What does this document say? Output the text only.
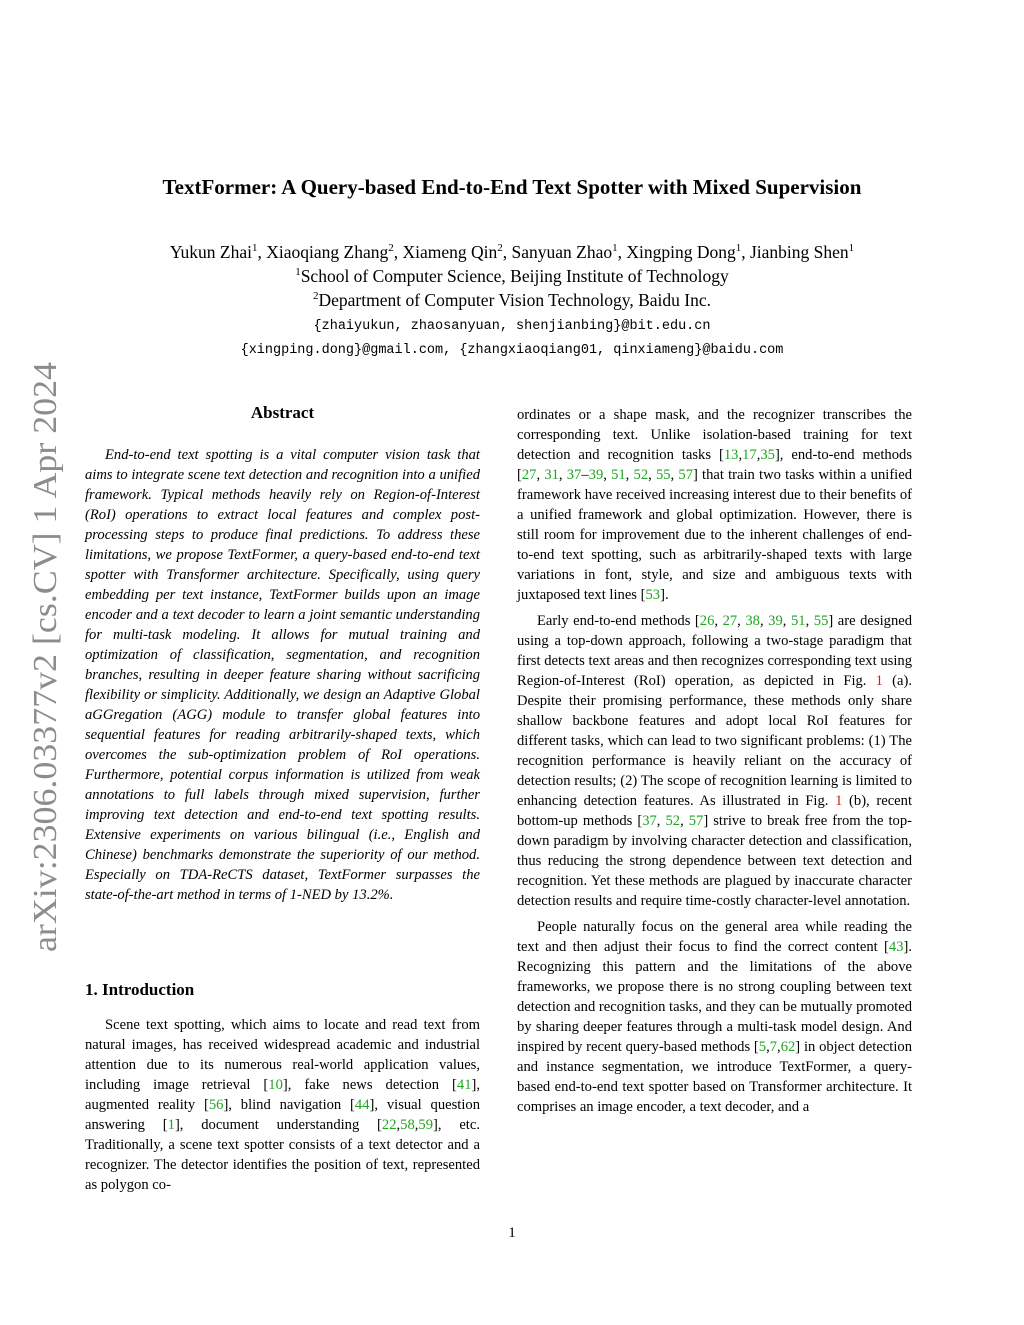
arXiv:2306.03377v2 [cs.CV] 1 Apr 2024
TextFormer: A Query-based End-to-End Text Spotter with Mixed Supervision
Yukun Zhai$^1$, Xiaoqiang Zhang$^2$, Xiameng Qin$^2$, Sanyuan Zhao$^1$, Xingping Dong$^1$, Jianbing Shen$^1$
$^1$School of Computer Science, Beijing Institute of Technology
$^2$Department of Computer Vision Technology, Baidu Inc.
{zhaiyukun, zhaosanyuan, shenjianbing}@bit.edu.cn
{xingping.dong}@gmail.com, {zhangxiaoqiang01, qinxiameng}@baidu.com
Abstract

End-to-end text spotting is a vital computer vision task that aims to integrate scene text detection and recognition into a unified framework. Typical methods heavily rely on Region-of-Interest (RoI) operations to extract local features and complex post-processing steps to produce final predictions. To address these limitations, we propose TextFormer, a query-based end-to-end text spotter with Transformer architecture. Specifically, using query embedding per text instance, TextFormer builds upon an image encoder and a text decoder to learn a joint semantic understanding for multi-task modeling. It allows for mutual training and optimization of classification, segmentation, and recognition branches, resulting in deeper feature sharing without sacrificing flexibility or simplicity. Additionally, we design an Adaptive Global aGGregation (AGG) module to transfer global features into sequential features for reading arbitrarily-shaped texts, which overcomes the sub-optimization problem of RoI operations. Furthermore, potential corpus information is utilized from weak annotations to full labels through mixed supervision, further improving text detection and end-to-end text spotting results. Extensive experiments on various bilingual (i.e., English and Chinese) benchmarks demonstrate the superiority of our method. Especially on TDA-ReCTS dataset, TextFormer surpasses the state-of-the-art method in terms of 1-NED by 13.2%.

1. Introduction

Scene text spotting, which aims to locate and read text from natural images, has received widespread academic and industrial attention due to its numerous real-world application values, including image retrieval [10], fake news detection [41], augmented reality [56], blind navigation [44], visual question answering [1], document understanding [22,58,59], etc. Traditionally, a scene text spotter consists of a text detector and a recognizer. The detector identifies the position of text, represented as polygon co-

ordinates or a shape mask, and the recognizer transcribes the corresponding text. Unlike isolation-based training for text detection and recognition tasks [13,17,35], end-to-end methods [27, 31, 37–39, 51, 52, 55, 57] that train two tasks within a unified framework have received increasing interest due to their benefits of a unified framework and global optimization. However, there is still room for improvement due to the inherent challenges of end-to-end text spotting, such as arbitrarily-shaped texts with large variations in font, style, and size and ambiguous texts with juxtaposed text lines [53].

Early end-to-end methods [26, 27, 38, 39, 51, 55] are designed using a top-down approach, following a two-stage paradigm that first detects text areas and then recognizes corresponding text using Region-of-Interest (RoI) operation, as depicted in Fig. 1 (a). Despite their promising performance, these methods only share shallow backbone features and adopt local RoI features for different tasks, which can lead to two significant problems: (1) The recognition performance is heavily reliant on the accuracy of detection results; (2) The scope of recognition learning is limited to enhancing detection features. As illustrated in Fig. 1 (b), recent bottom-up methods [37, 52, 57] strive to break free from the top-down paradigm by involving character detection and classification, thus reducing the strong dependence between text detection and recognition. Yet these methods are plagued by inaccurate character detection results and require time-costly character-level annotation.

People naturally focus on the general area while reading the text and then adjust their focus to find the correct content [43]. Recognizing this pattern and the limitations of the above frameworks, we propose there is no strong coupling between text detection and recognition tasks, and they can be mutually promoted by sharing deeper features through a multi-task model design. And inspired by recent query-based methods [5,7,62] in object detection and instance segmentation, we introduce TextFormer, a query-based end-to-end text spotter based on Transformer architecture. It comprises an image encoder, a text decoder, and a

1
